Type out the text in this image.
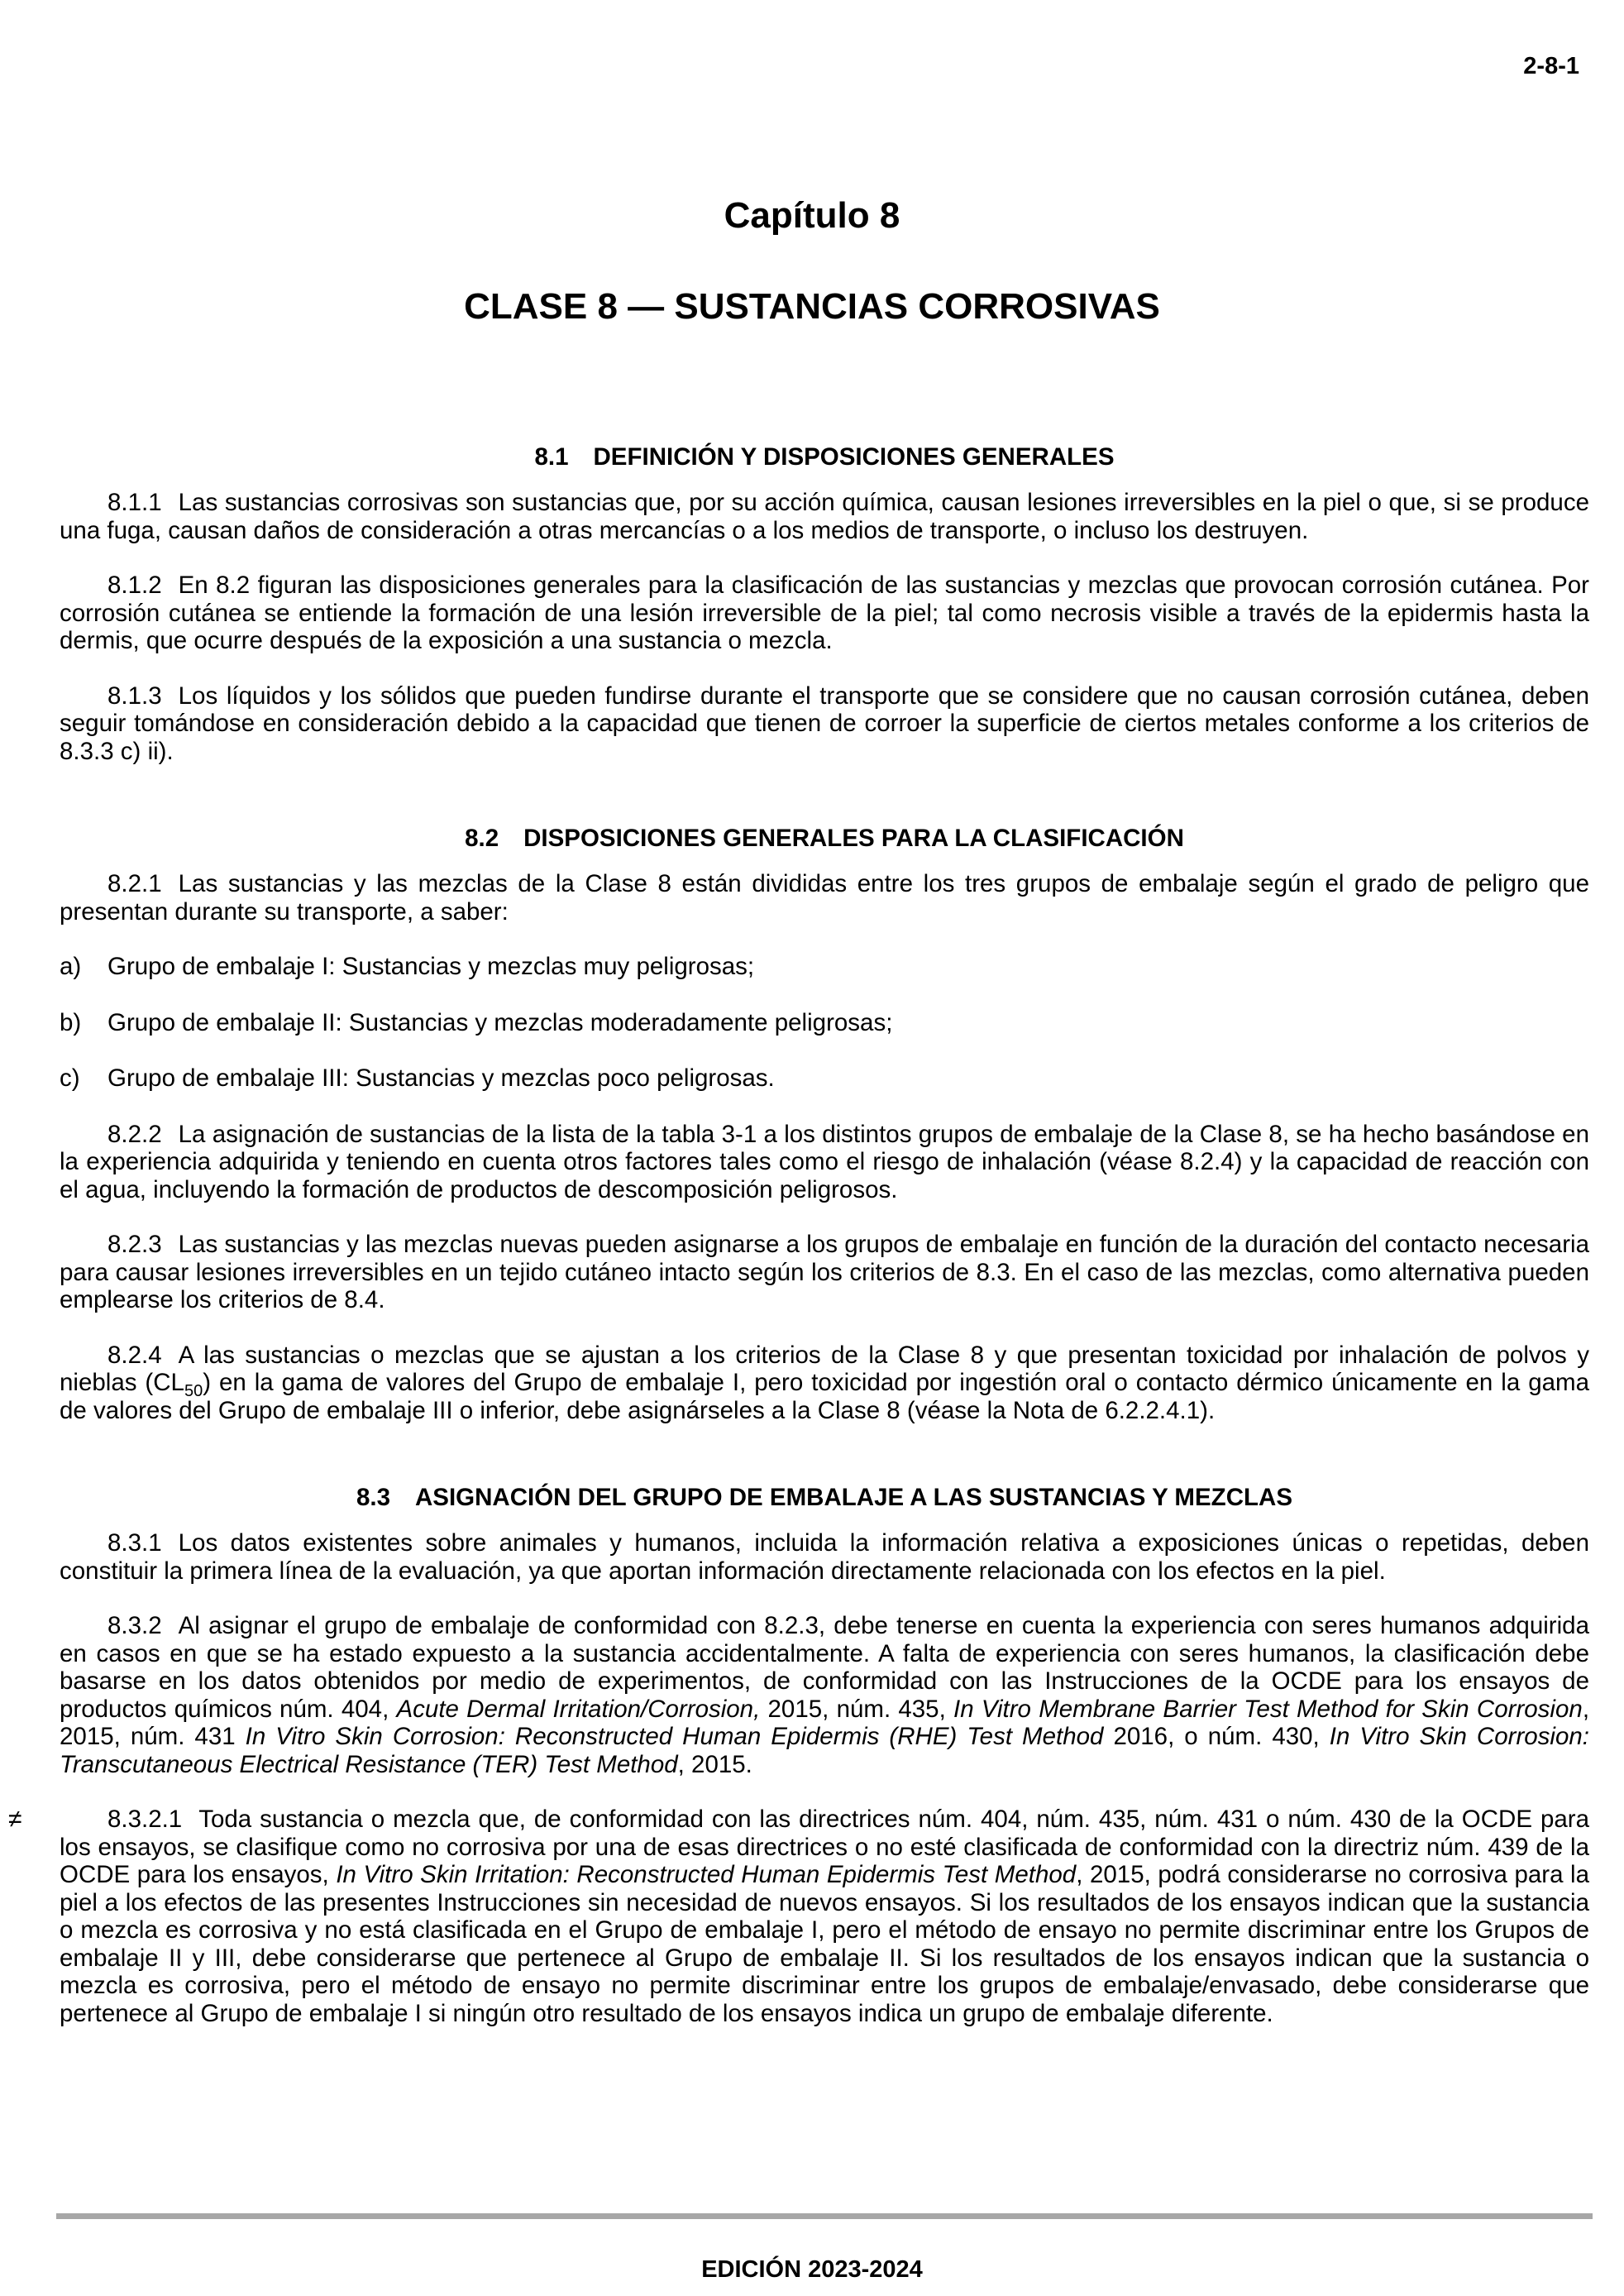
2-8-1
Capítulo 8
CLASE 8 — SUSTANCIAS CORROSIVAS
8.1 DEFINICIÓN Y DISPOSICIONES GENERALES

8.1.1 Las sustancias corrosivas son sustancias que, por su acción química, causan lesiones irreversibles en la piel o que, si se produce una fuga, causan daños de consideración a otras mercancías o a los medios de transporte, o incluso los destruyen.

8.1.2 En 8.2 figuran las disposiciones generales para la clasificación de las sustancias y mezclas que provocan corrosión cutánea. Por corrosión cutánea se entiende la formación de una lesión irreversible de la piel; tal como necrosis visible a través de la epidermis hasta la dermis, que ocurre después de la exposición a una sustancia o mezcla.

8.1.3 Los líquidos y los sólidos que pueden fundirse durante el transporte que se considere que no causan corrosión cutánea, deben seguir tomándose en consideración debido a la capacidad que tienen de corroer la superficie de ciertos metales conforme a los criterios de 8.3.3 c) ii).

8.2 DISPOSICIONES GENERALES PARA LA CLASIFICACIÓN

8.2.1 Las sustancias y las mezclas de la Clase 8 están divididas entre los tres grupos de embalaje según el grado de peligro que presentan durante su transporte, a saber:

a)	Grupo de embalaje I: Sustancias y mezclas muy peligrosas;
b)	Grupo de embalaje II: Sustancias y mezclas moderadamente peligrosas;
c)	Grupo de embalaje III: Sustancias y mezclas poco peligrosas.

8.2.2 La asignación de sustancias de la lista de la tabla 3-1 a los distintos grupos de embalaje de la Clase 8, se ha hecho basándose en la experiencia adquirida y teniendo en cuenta otros factores tales como el riesgo de inhalación (véase 8.2.4) y la capacidad de reacción con el agua, incluyendo la formación de productos de descomposición peligrosos.

8.2.3 Las sustancias y las mezclas nuevas pueden asignarse a los grupos de embalaje en función de la duración del contacto necesaria para causar lesiones irreversibles en un tejido cutáneo intacto según los criterios de 8.3. En el caso de las mezclas, como alternativa pueden emplearse los criterios de 8.4.

8.2.4 A las sustancias o mezclas que se ajustan a los criterios de la Clase 8 y que presentan toxicidad por inhalación de polvos y nieblas $(CL_{50})$ en la gama de valores del Grupo de embalaje I, pero toxicidad por ingestión oral o contacto dérmico únicamente en la gama de valores del Grupo de embalaje III o inferior, debe asignárseles a la Clase 8 (véase la Nota de 6.2.2.4.1).

8.3 ASIGNACIÓN DEL GRUPO DE EMBALAJE A LAS SUSTANCIAS Y MEZCLAS

8.3.1 Los datos existentes sobre animales y humanos, incluida la información relativa a exposiciones únicas o repetidas, deben constituir la primera línea de la evaluación, ya que aportan información directamente relacionada con los efectos en la piel.

8.3.2 Al asignar el grupo de embalaje de conformidad con 8.2.3, debe tenerse en cuenta la experiencia con seres humanos adquirida en casos en que se ha estado expuesto a la sustancia accidentalmente. A falta de experiencia con seres humanos, la clasificación debe basarse en los datos obtenidos por medio de experimentos, de conformidad con las Instrucciones de la OCDE para los ensayos de productos químicos núm. 404, Acute Dermal Irritation/Corrosion, 2015, núm. 435, In Vitro Membrane Barrier Test Method for Skin Corrosion, 2015, núm. 431 In Vitro Skin Corrosion: Reconstructed Human Epidermis (RHE) Test Method 2016, o núm. 430, In Vitro Skin Corrosion: Transcutaneous Electrical Resistance (TER) Test Method, 2015.

≠	8.3.2.1 Toda sustancia o mezcla que, de conformidad con las directrices núm. 404, núm. 435, núm. 431 o núm. 430 de la OCDE para los ensayos, se clasifique como no corrosiva por una de esas directrices o no esté clasificada de conformidad con la directriz núm. 439 de la OCDE para los ensayos, In Vitro Skin Irritation: Reconstructed Human Epidermis Test Method, 2015, podrá considerarse no corrosiva para la piel a los efectos de las presentes Instrucciones sin necesidad de nuevos ensayos. Si los resultados de los ensayos indican que la sustancia o mezcla es corrosiva y no está clasificada en el Grupo de embalaje I, pero el método de ensayo no permite discriminar entre los Grupos de embalaje II y III, debe considerarse que pertenece al Grupo de embalaje II. Si los resultados de los ensayos indican que la sustancia o mezcla es corrosiva, pero el método de ensayo no permite discriminar entre los grupos de embalaje/envasado, debe considerarse que pertenece al Grupo de embalaje I si ningún otro resultado de los ensayos indica un grupo de embalaje diferente.

EDICIÓN 2023-2024
